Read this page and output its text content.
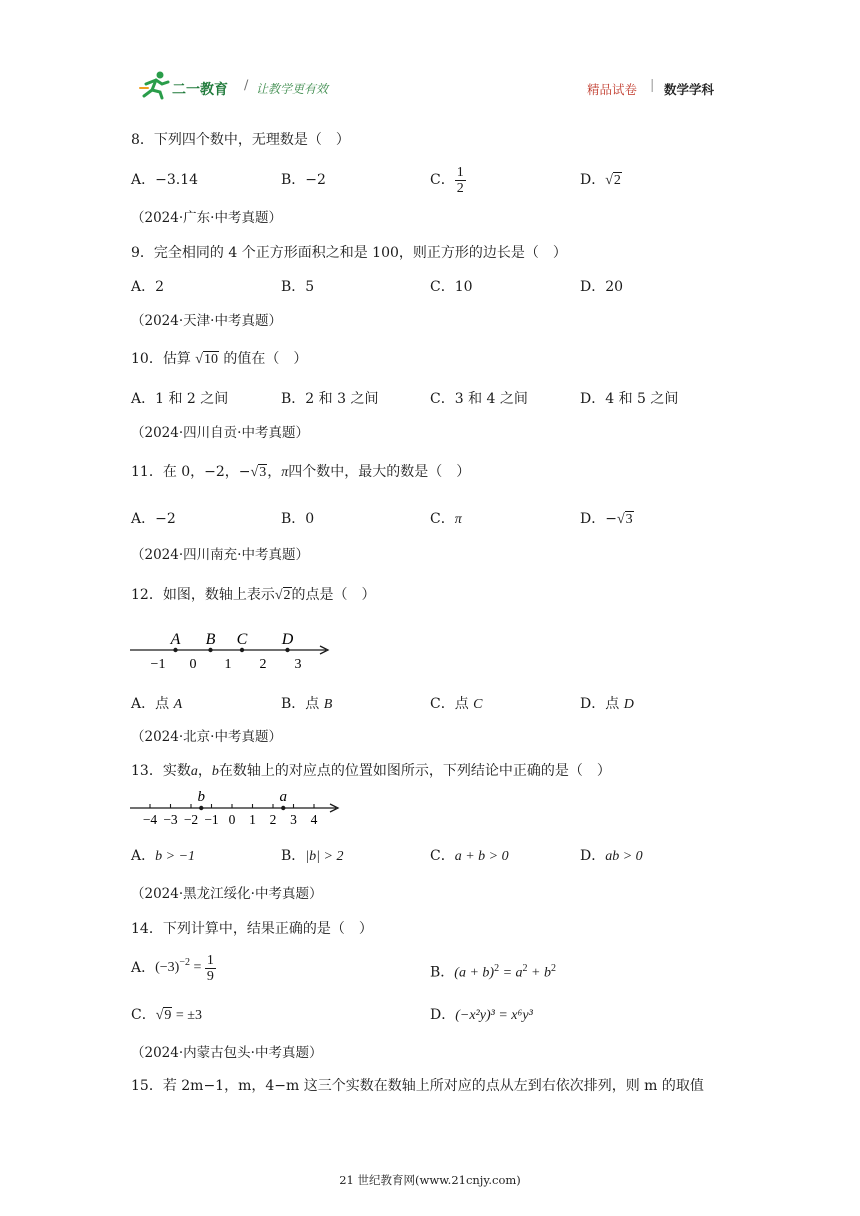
二一教育 / 让教学更有效	精品试卷 | 数学学科
8．下列四个数中，无理数是（　）
A．−3.14	B．−2	C． $\frac{1}{2}$	D．√2
（2024·广东·中考真题）
9．完全相同的 4 个正方形面积之和是 100，则正方形的边长是（　）
A．2	B．5	C．10	D．20
（2024·天津·中考真题）
10．估算 √10 的值在（　）
A．1 和 2 之间	B．2 和 3 之间	C．3 和 4 之间	D．4 和 5 之间
（2024·四川自贡·中考真题）
11．在 0，−2，−√3，π四个数中，最大的数是（　）
A．−2	B．0	C．π	D．−√3
（2024·四川南充·中考真题）
12．如图，数轴上表示√2的点是（　）
−1 0 1 2 3
A B C D
A．点 A	B．点 B	C．点 C	D．点 D
（2024·北京·中考真题）
13．实数a，b在数轴上的对应点的位置如图所示，下列结论中正确的是（　）
−4 −3 −2 −1 0 1 2 3 4
b	a
A．b > −1	B．|b| > 2	C．a + b > 0	D．ab > 0
（2024·黑龙江绥化·中考真题）
14．下列计算中，结果正确的是（　）
A． $(-3)^{-2} = \frac{1}{9}$	B．$(a + b)^2 = a^2 + b^2$
C．√9 = ±3	D．(−x²y)³ = x⁶y³
（2024·内蒙古包头·中考真题）
15．若 2m−1，m，4−m 这三个实数在数轴上所对应的点从左到右依次排列，则 m 的取值
21 世纪教育网(www.21cnjy.com)
